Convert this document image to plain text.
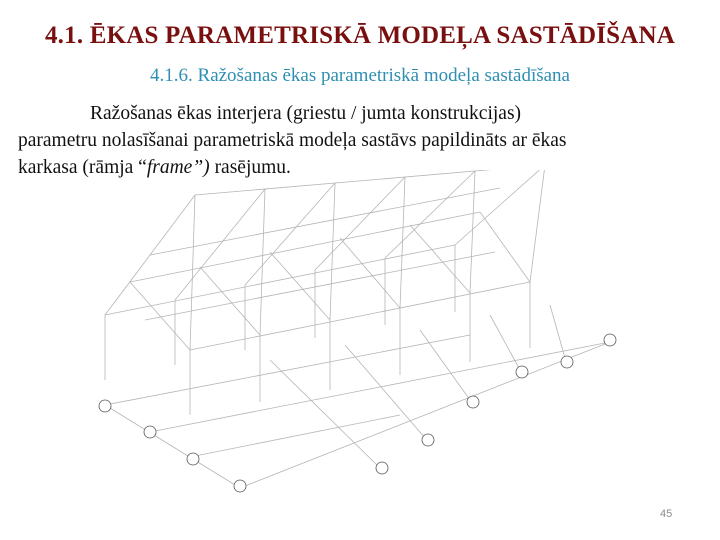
4.1. ĒKAS PARAMETRISKĀ MODEĻA SASTĀDĪŠANA
4.1.6. Ražošanas ēkas parametriskā modeļa sastādīšana
Ražošanas ēkas interjera (griestu / jumta konstrukcijas)
parametru nolasīšanai parametriskā modeļa sastāvs papildināts ar ēkas
karkasa (rāmja “frame”) rasējumu.
45
